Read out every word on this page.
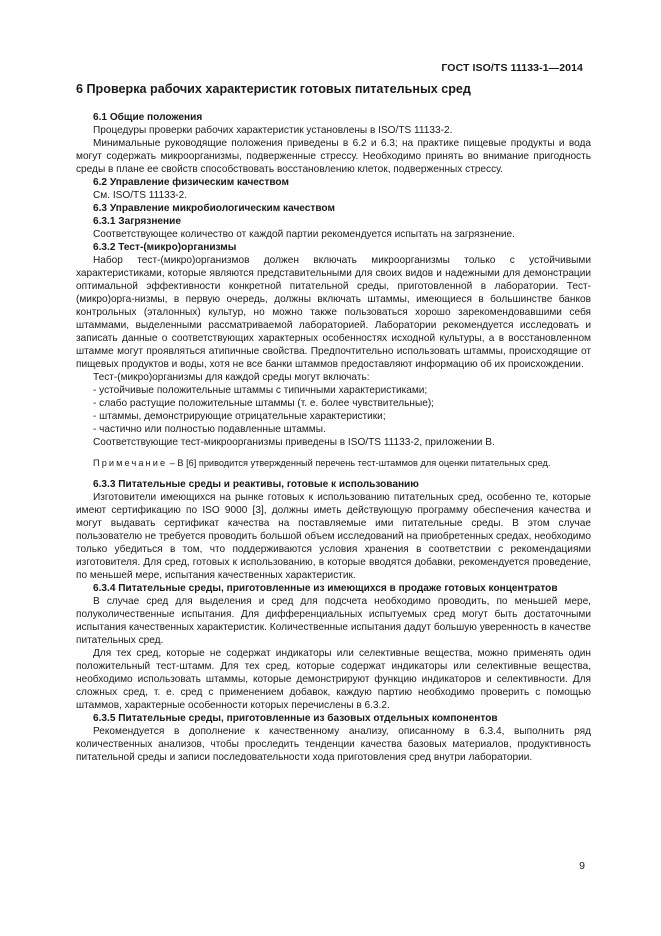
ГОСТ ISO/TS 11133-1—2014
6 Проверка рабочих характеристик готовых питательных сред
6.1 Общие положения

Процедуры проверки рабочих характеристик установлены в ISO/TS 11133-2.

Минимальные руководящие положения приведены в 6.2 и 6.3; на практике пищевые продукты и вода могут содержать микроорганизмы, подверженные стрессу. Необходимо принять во внимание пригодность среды в плане ее свойств способствовать восстановлению клеток, подверженных стрессу.

6.2 Управление физическим качеством

См. ISO/TS 11133-2.

6.3 Управление микробиологическим качеством
6.3.1 Загрязнение

Соответствующее количество от каждой партии рекомендуется испытать на загрязнение.

6.3.2 Тест-(микро)организмы

Набор тест-(микро)организмов должен включать микроорганизмы только с устойчивыми характеристиками, которые являются представительными для своих видов и надежными для демонстрации оптимальной эффективности конкретной питательной среды, приготовленной в лаборатории. Тест-(микро)орга-низмы, в первую очередь, должны включать штаммы, имеющиеся в большинстве банков контрольных (эталонных) культур, но можно также пользоваться хорошо зарекомендовавшими себя штаммами, выделенными рассматриваемой лабораторией. Лаборатории рекомендуется исследовать и записать данные о соответствующих характерных особенностях исходной культуры, а в восстановленном штамме могут проявляться атипичные свойства. Предпочтительно использовать штаммы, происходящие от пищевых продуктов и воды, хотя не все банки штаммов предоставляют информацию об их происхождении.

Тест-(микро)организмы для каждой среды могут включать:

- устойчивые положительные штаммы с типичными характеристиками;

- слабо растущие положительные штаммы (т. е. более чувствительные);

- штаммы, демонстрирующие отрицательные характеристики;

- частично или полностью подавленные штаммы.

Соответствующие тест-микроорганизмы приведены в ISO/TS 11133-2, приложении В.

Примечание – В [6] приводится утвержденный перечень тест-штаммов для оценки питательных сред.

6.3.3 Питательные среды и реактивы, готовые к использованию

Изготовители имеющихся на рынке готовых к использованию питательных сред, особенно те, которые имеют сертификацию по ISO 9000 [3], должны иметь действующую программу обеспечения качества и могут выдавать сертификат качества на поставляемые ими питательные среды. В этом случае пользователю не требуется проводить большой объем исследований на приобретенных средах, необходимо только убедиться в том, что поддерживаются условия хранения в соответствии с рекомендациями изготовителя. Для сред, готовых к использованию, в которые вводятся добавки, рекомендуется проведение, по меньшей мере, испытания качественных характеристик.

6.3.4 Питательные среды, приготовленные из имеющихся в продаже готовых концентратов

В случае сред для выделения и сред для подсчета необходимо проводить, по меньшей мере, полуколичественные испытания. Для дифференциальных испытуемых сред могут быть достаточными испытания качественных характеристик. Количественные испытания дадут большую уверенность в качестве питательных сред.

Для тех сред, которые не содержат индикаторы или селективные вещества, можно применять один положительный тест-штамм. Для тех сред, которые содержат индикаторы или селективные вещества, необходимо использовать штаммы, которые демонстрируют функцию индикаторов и селективности. Для сложных сред, т. е. сред с применением добавок, каждую партию необходимо проверить с помощью штаммов, характерные особенности которых перечислены в 6.3.2.

6.3.5 Питательные среды, приготовленные из базовых отдельных компонентов

Рекомендуется в дополнение к качественному анализу, описанному в 6.3.4, выполнить ряд количественных анализов, чтобы проследить тенденции качества базовых материалов, продуктивность питательной среды и записи последовательности хода приготовления сред внутри лаборатории.

9
